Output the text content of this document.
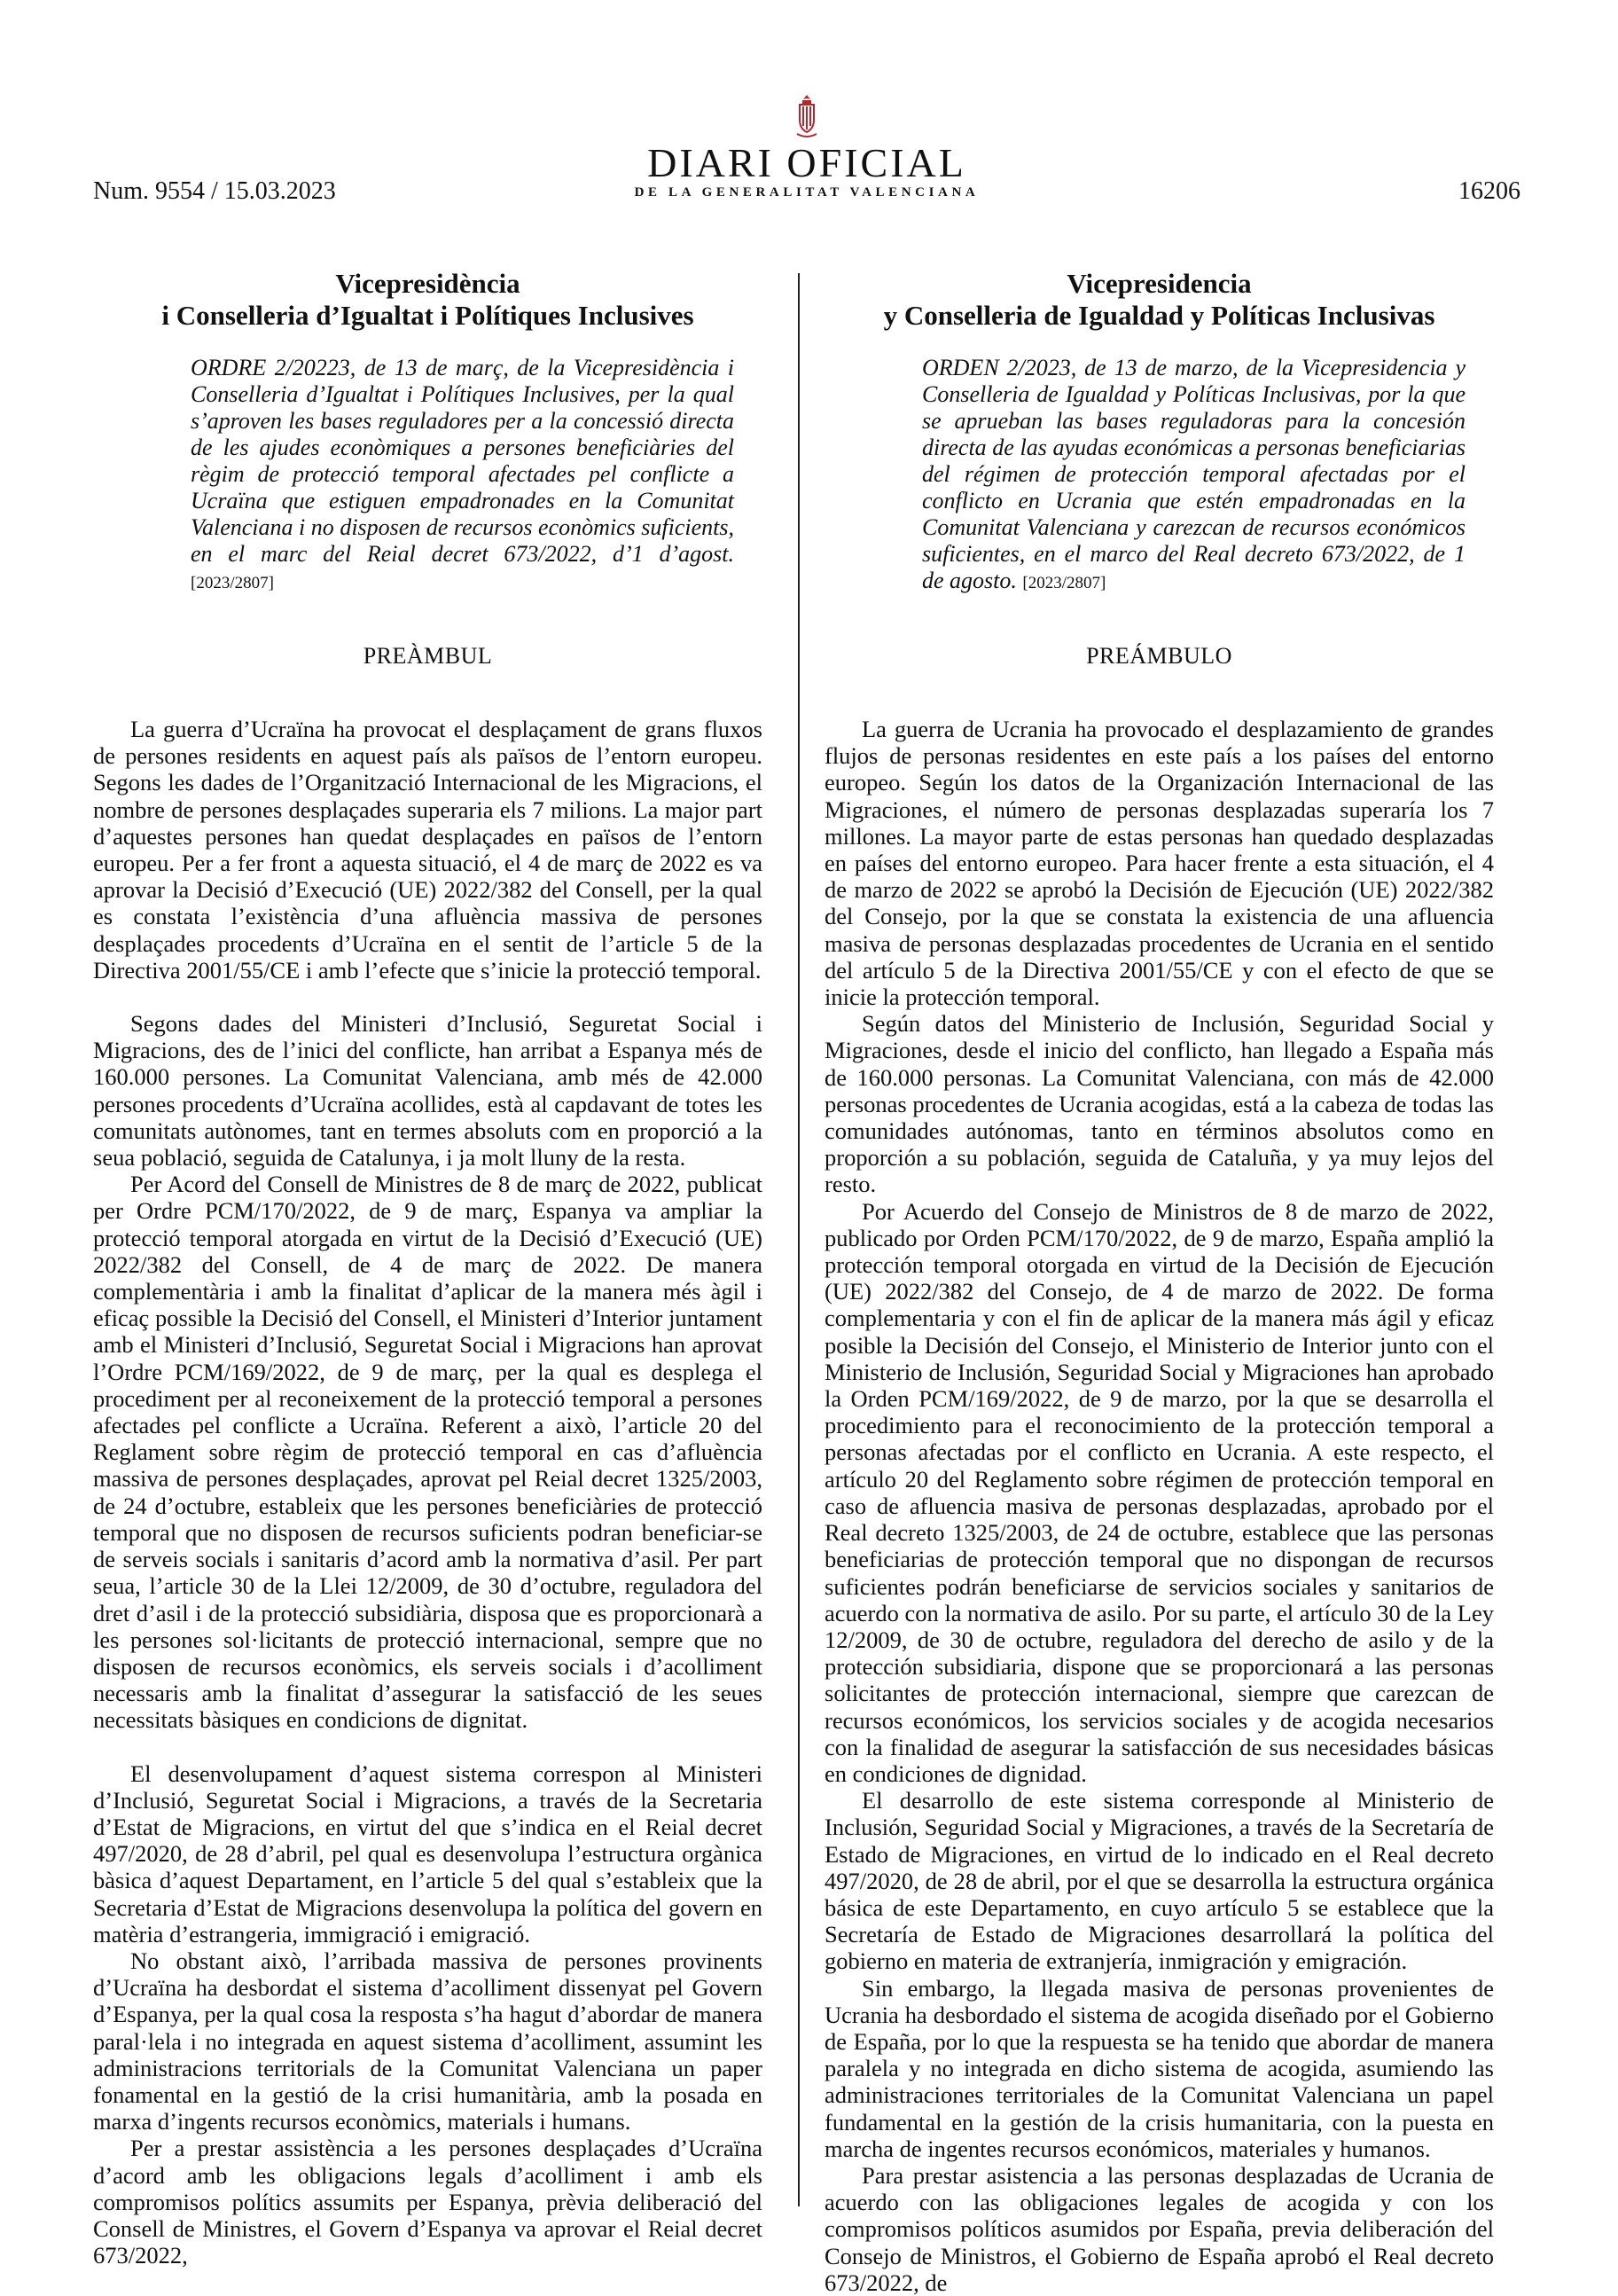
Num. 9554 / 15.03.2023
DIARI OFICIAL
DE LA GENERALITAT VALENCIANA	16206
Vicepresidència
i Conselleria d’Igualtat i Polítiques Inclusives
ORDRE 2/20223, de 13 de març, de la Vicepresidència i Conselleria d’Igualtat i Polítiques Inclusives, per la qual s’aproven les bases reguladores per a la concessió directa de les ajudes econòmiques a persones beneficiàries del règim de protecció temporal afectades pel conflicte a Ucraïna que estiguen empadronades en la Comunitat Valenciana i no disposen de recursos econòmics suficients, en el marc del Reial decret 673/2022, d’1 d’agost. [2023/2807]
PREÀMBUL

La guerra d’Ucraïna ha provocat el desplaçament de grans fluxos de persones residents en aquest país als països de l’entorn europeu. Segons les dades de l’Organització Internacional de les Migracions, el nombre de persones desplaçades superaria els 7 milions. La major part d’aquestes persones han quedat desplaçades en països de l’entorn europeu. Per a fer front a aquesta situació, el 4 de març de 2022 es va aprovar la Decisió d’Execució (UE) 2022/382 del Consell, per la qual es constata l’existència d’una afluència massiva de persones desplaçades procedents d’Ucraïna en el sentit de l’article 5 de la Directiva 2001/55/CE i amb l’efecte que s’inicie la protecció temporal.

Segons dades del Ministeri d’Inclusió, Seguretat Social i Migracions, des de l’inici del conflicte, han arribat a Espanya més de 160.000 persones. La Comunitat Valenciana, amb més de 42.000 persones procedents d’Ucraïna acollides, està al capdavant de totes les comunitats autònomes, tant en termes absoluts com en proporció a la seua població, seguida de Catalunya, i ja molt lluny de la resta.

Per Acord del Consell de Ministres de 8 de març de 2022, publicat per Ordre PCM/170/2022, de 9 de març, Espanya va ampliar la protecció temporal atorgada en virtut de la Decisió d’Execució (UE) 2022/382 del Consell, de 4 de març de 2022. De manera complementària i amb la finalitat d’aplicar de la manera més àgil i eficaç possible la Decisió del Consell, el Ministeri d’Interior juntament amb el Ministeri d’Inclusió, Seguretat Social i Migracions han aprovat l’Ordre PCM/169/2022, de 9 de març, per la qual es desplega el procediment per al reconeixement de la protecció temporal a persones afectades pel conflicte a Ucraïna. Referent a això, l’article 20 del Reglament sobre règim de protecció temporal en cas d’afluència massiva de persones desplaçades, aprovat pel Reial decret 1325/2003, de 24 d’octubre, estableix que les persones beneficiàries de protecció temporal que no disposen de recursos suficients podran beneficiar-se de serveis socials i sanitaris d’acord amb la normativa d’asil. Per part seua, l’article 30 de la Llei 12/2009, de 30 d’octubre, reguladora del dret d’asil i de la protecció subsidiària, disposa que es proporcionarà a les persones sol·licitants de protecció internacional, sempre que no disposen de recursos econòmics, els serveis socials i d’acolliment necessaris amb la finalitat d’assegurar la satisfacció de les seues necessitats bàsiques en condicions de dignitat.

El desenvolupament d’aquest sistema correspon al Ministeri d’Inclusió, Seguretat Social i Migracions, a través de la Secretaria d’Estat de Migracions, en virtut del que s’indica en el Reial decret 497/2020, de 28 d’abril, pel qual es desenvolupa l’estructura orgànica bàsica d’aquest Departament, en l’article 5 del qual s’estableix que la Secretaria d’Estat de Migracions desenvolupa la política del govern en matèria d’estrangeria, immigració i emigració.

No obstant això, l’arribada massiva de persones provinents d’Ucraïna ha desbordat el sistema d’acolliment dissenyat pel Govern d’Espanya, per la qual cosa la resposta s’ha hagut d’abordar de manera paral·lela i no integrada en aquest sistema d’acolliment, assumint les administracions territorials de la Comunitat Valenciana un paper fonamental en la gestió de la crisi humanitària, amb la posada en marxa d’ingents recursos econòmics, materials i humans.

Per a prestar assistència a les persones desplaçades d’Ucraïna d’acord amb les obligacions legals d’acolliment i amb els compromisos polítics assumits per Espanya, prèvia deliberació del Consell de Ministres, el Govern d’Espanya va aprovar el Reial decret 673/2022,

Vicepresidencia
y Conselleria de Igualdad y Políticas Inclusivas
ORDEN 2/2023, de 13 de marzo, de la Vicepresidencia y Conselleria de Igualdad y Políticas Inclusivas, por la que se aprueban las bases reguladoras para la concesión directa de las ayudas económicas a personas beneficiarias del régimen de protección temporal afectadas por el conflicto en Ucrania que estén empadronadas en la Comunitat Valenciana y carezcan de recursos económicos suficientes, en el marco del Real decreto 673/2022, de 1 de agosto. [2023/2807]
PREÁMBULO

La guerra de Ucrania ha provocado el desplazamiento de grandes flujos de personas residentes en este país a los países del entorno europeo. Según los datos de la Organización Internacional de las Migraciones, el número de personas desplazadas superaría los 7 millones. La mayor parte de estas personas han quedado desplazadas en países del entorno europeo. Para hacer frente a esta situación, el 4 de marzo de 2022 se aprobó la Decisión de Ejecución (UE) 2022/382 del Consejo, por la que se constata la existencia de una afluencia masiva de personas desplazadas procedentes de Ucrania en el sentido del artículo 5 de la Directiva 2001/55/CE y con el efecto de que se inicie la protección temporal.

Según datos del Ministerio de Inclusión, Seguridad Social y Migraciones, desde el inicio del conflicto, han llegado a España más de 160.000 personas. La Comunitat Valenciana, con más de 42.000 personas procedentes de Ucrania acogidas, está a la cabeza de todas las comunidades autónomas, tanto en términos absolutos como en proporción a su población, seguida de Cataluña, y ya muy lejos del resto.

Por Acuerdo del Consejo de Ministros de 8 de marzo de 2022, publicado por Orden PCM/170/2022, de 9 de marzo, España amplió la protección temporal otorgada en virtud de la Decisión de Ejecución (UE) 2022/382 del Consejo, de 4 de marzo de 2022. De forma complementaria y con el fin de aplicar de la manera más ágil y eficaz posible la Decisión del Consejo, el Ministerio de Interior junto con el Ministerio de Inclusión, Seguridad Social y Migraciones han aprobado la Orden PCM/169/2022, de 9 de marzo, por la que se desarrolla el procedimiento para el reconocimiento de la protección temporal a personas afectadas por el conflicto en Ucrania. A este respecto, el artículo 20 del Reglamento sobre régimen de protección temporal en caso de afluencia masiva de personas desplazadas, aprobado por el Real decreto 1325/2003, de 24 de octubre, establece que las personas beneficiarias de protección temporal que no dispongan de recursos suficientes podrán beneficiarse de servicios sociales y sanitarios de acuerdo con la normativa de asilo. Por su parte, el artículo 30 de la Ley 12/2009, de 30 de octubre, reguladora del derecho de asilo y de la protección subsidiaria, dispone que se proporcionará a las personas solicitantes de protección internacional, siempre que carezcan de recursos económicos, los servicios sociales y de acogida necesarios con la finalidad de asegurar la satisfacción de sus necesidades básicas en condiciones de dignidad.

El desarrollo de este sistema corresponde al Ministerio de Inclusión, Seguridad Social y Migraciones, a través de la Secretaría de Estado de Migraciones, en virtud de lo indicado en el Real decreto 497/2020, de 28 de abril, por el que se desarrolla la estructura orgánica básica de este Departamento, en cuyo artículo 5 se establece que la Secretaría de Estado de Migraciones desarrollará la política del gobierno en materia de extranjería, inmigración y emigración.

Sin embargo, la llegada masiva de personas provenientes de Ucrania ha desbordado el sistema de acogida diseñado por el Gobierno de España, por lo que la respuesta se ha tenido que abordar de manera paralela y no integrada en dicho sistema de acogida, asumiendo las administraciones territoriales de la Comunitat Valenciana un papel fundamental en la gestión de la crisis humanitaria, con la puesta en marcha de ingentes recursos económicos, materiales y humanos.

Para prestar asistencia a las personas desplazadas de Ucrania de acuerdo con las obligaciones legales de acogida y con los compromisos políticos asumidos por España, previa deliberación del Consejo de Ministros, el Gobierno de España aprobó el Real decreto 673/2022, de
